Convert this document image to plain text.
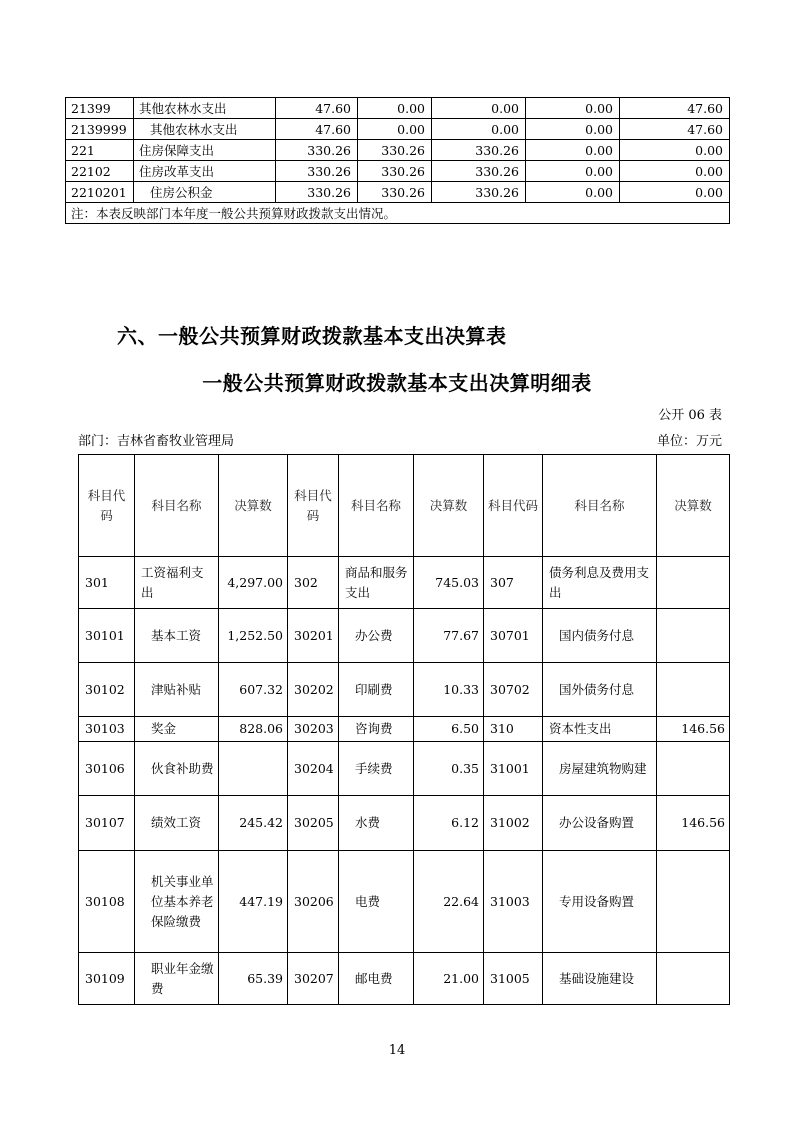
21399	其他农林水支出	47.60	0.00	0.00	0.00	47.60
2139999	其他农林水支出	47.60	0.00	0.00	0.00	47.60
221	住房保障支出	330.26	330.26	330.26	0.00	0.00
22102	住房改革支出	330.26	330.26	330.26	0.00	0.00
2210201	住房公积金	330.26	330.26	330.26	0.00	0.00
注：本表反映部门本年度一般公共预算财政拨款支出情况。						
六、一般公共预算财政拨款基本支出决算表
一般公共预算财政拨款基本支出决算明细表
公开 06 表
部门：吉林省畜牧业管理局	单位：万元
科目代码	科目名称	决算数	科目代码	科目名称	决算数	科目代码	科目名称	决算数
301	工资福利支出	4,297.00	302	商品和服务支出	745.03	307	债务利息及费用支出	
30101	基本工资	1,252.50	30201	办公费	77.67	30701	国内债务付息	
30102	津贴补贴	607.32	30202	印刷费	10.33	30702	国外债务付息	
30103	奖金	828.06	30203	咨询费	6.50	310	资本性支出	146.56
30106	伙食补助费		30204	手续费	0.35	31001	房屋建筑物购建	
30107	绩效工资	245.42	30205	水费	6.12	31002	办公设备购置	146.56
30108	机关事业单位基本养老保险缴费	447.19	30206	电费	22.64	31003	专用设备购置	
30109	职业年金缴费	65.39	30207	邮电费	21.00	31005	基础设施建设	
14
